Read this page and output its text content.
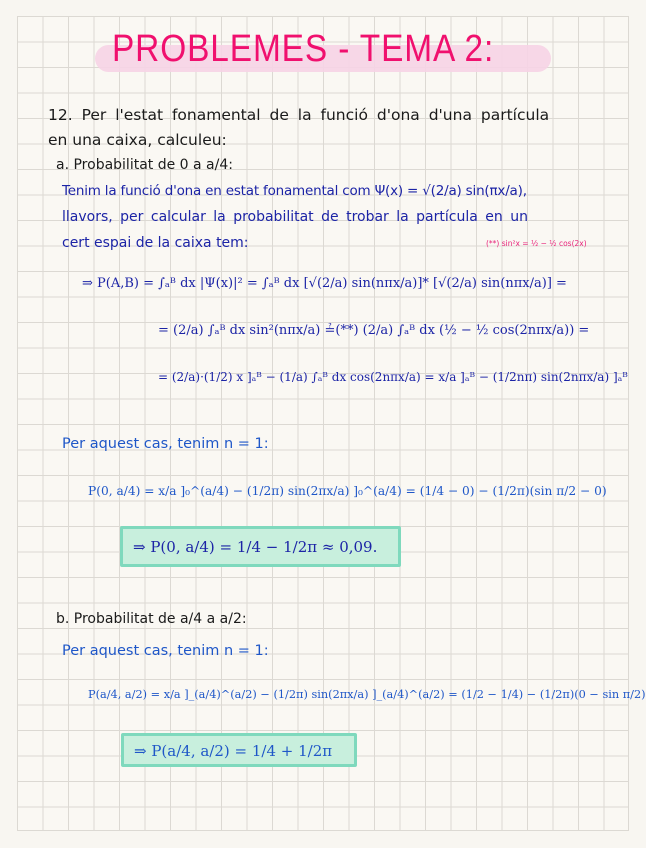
PROBLEMES - TEMA 2:
12. Per l'estat fonamental de la funció d'ona d'una partícula
en una caixa, calculeu:
a. Probabilitat de 0 a a/4:
Tenim la funció d'ona en estat fonamental com Ψ(x) = √(2/a) sin(πx/a),
llavors, per calcular la probabilitat de trobar la partícula en un
cert espai de la caixa tem:	(**) sin²x = ½ − ½ cos(2x)
⇒ P(A,B) = ∫ₐᴮ dx |Ψ(x)|² = ∫ₐᴮ dx [√(2/a) sin(nπx/a)]* [√(2/a) sin(nπx/a)] =
= (2/a) ∫ₐᴮ dx sin²(nπx/a) ≟(**) (2/a) ∫ₐᴮ dx (½ − ½ cos(2nπx/a)) =
= (2/a)·(1/2) x ]ₐᴮ − (1/a) ∫ₐᴮ dx cos(2nπx/a) = x/a ]ₐᴮ − (1/2nπ) sin(2nπx/a) ]ₐᴮ
Per aquest cas, tenim n = 1:
P(0, a/4) = x/a ]₀^(a/4) − (1/2π) sin(2πx/a) ]₀^(a/4) = (1/4 − 0) − (1/2π)(sin π/2 − 0)
⇒ P(0, a/4) = 1/4 − 1/2π ≈ 0,09.
b. Probabilitat de a/4 a a/2:
Per aquest cas, tenim n = 1:
P(a/4, a/2) = x/a ]_(a/4)^(a/2) − (1/2π) sin(2πx/a) ]_(a/4)^(a/2) = (1/2 − 1/4) − (1/2π)(0 − sin π/2)
⇒ P(a/4, a/2) = 1/4 + 1/2π
